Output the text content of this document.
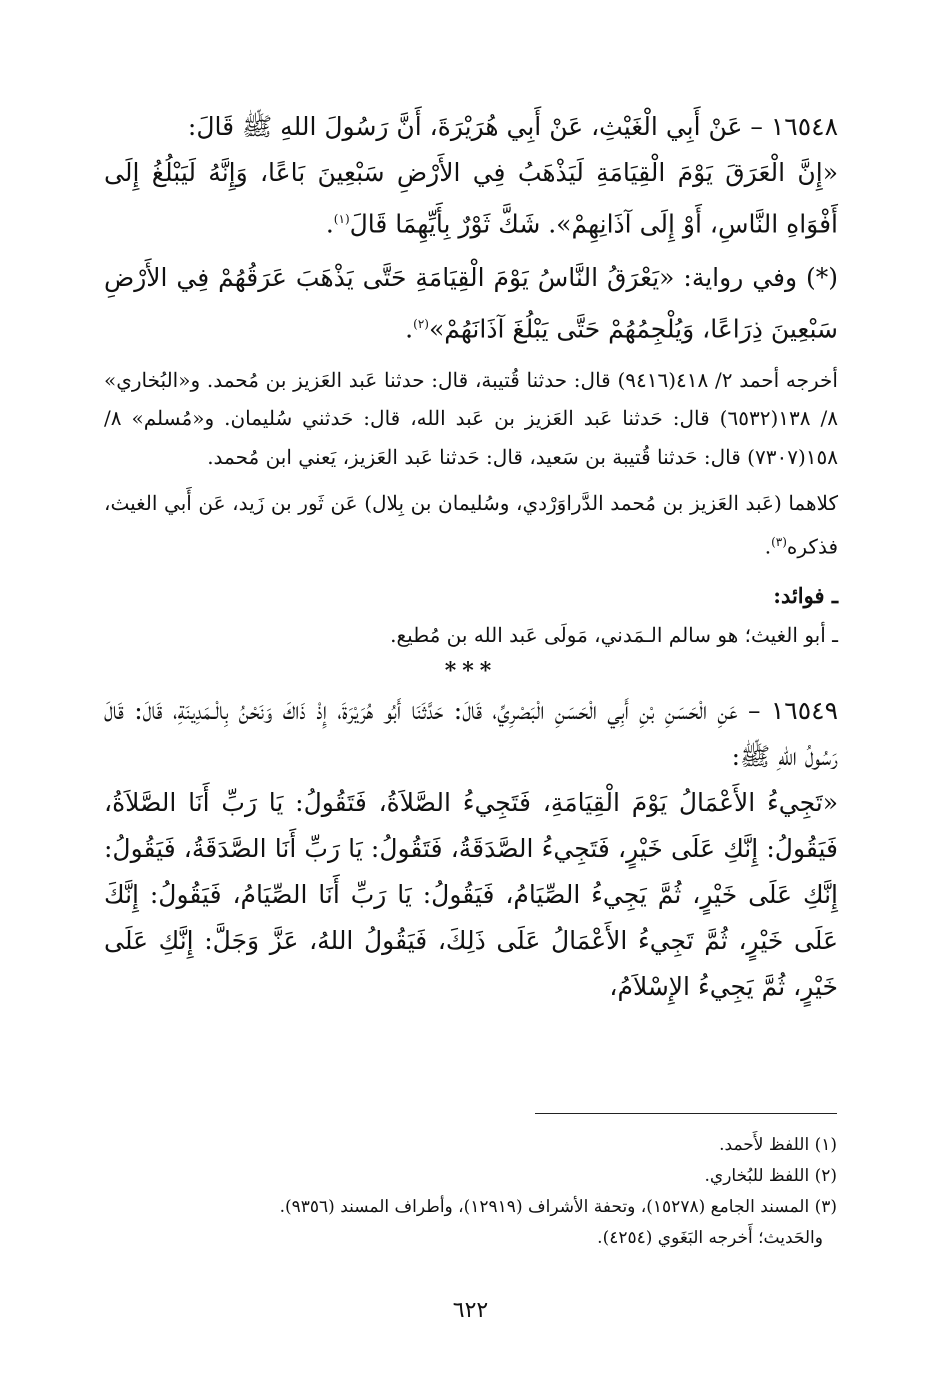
١٦٥٤٨ – عَنْ أَبِي الْغَيْثِ، عَنْ أَبِي هُرَيْرَةَ، أَنَّ رَسُولَ اللهِ ﷺ قَالَ:

«إِنَّ الْعَرَقَ يَوْمَ الْقِيَامَةِ لَيَذْهَبُ فِي الأَرْضِ سَبْعِينَ بَاعًا، وَإِنَّهُ لَيَبْلُغُ إِلَى أَفْوَاهِ النَّاسِ، أَوْ إِلَى آذَانِهِمْ». شَكَّ ثَوْرٌ بِأَيِّهِمَا قَالَ$^{(١)}$.

(*) وفي رواية: «يَعْرَقُ النَّاسُ يَوْمَ الْقِيَامَةِ حَتَّى يَذْهَبَ عَرَقُهُمْ فِي الأَرْضِ سَبْعِينَ ذِرَاعًا، وَيُلْجِمُهُمْ حَتَّى يَبْلُغَ آذَانَهُمْ»$^{(٢)}$.

أخرجه أحمد ٢/ ٤١٨(٩٤١٦) قال: حدثنا قُتيبة، قال: حدثنا عَبد العَزيز بن مُحمد. و«البُخاري» ٨/ ١٣٨(٦٥٣٢) قال: حَدثنا عَبد العَزيز بن عَبد الله، قال: حَدثني سُليمان. و«مُسلم» ٨/ ١٥٨(٧٣٠٧) قال: حَدثنا قُتيبة بن سَعيد، قال: حَدثنا عَبد العَزيز، يَعني ابن مُحمد.

كلاهما (عَبد العَزيز بن مُحمد الدَّراوَرْدي، وسُليمان بن بِلال) عَن ثَور بن زَيد، عَن أَبي الغيث، فذكره$^{(٣)}$.

ـ فوائد:
ـ أبو الغيث؛ هو سالم الـمَدني، مَولَى عَبد الله بن مُطيع.
***

١٦٥٤٩ – عَنِ الْحَسَنِ بْنِ أَبِي الْحَسَنِ الْبَصْرِيِّ، قَالَ: حَدَّثَنَا أَبُو هُرَيْرَةَ، إِذْ ذَاكَ وَنَحْنُ بِالْـمَدِينَةِ، قَالَ: قَالَ رَسُولُ اللهِ ﷺ:

«تَجِيءُ الأَعْمَالُ يَوْمَ الْقِيَامَةِ، فَتَجِيءُ الصَّلاَةُ، فَتَقُولُ: يَا رَبِّ أَنَا الصَّلاَةُ، فَيَقُولُ: إِنَّكِ عَلَى خَيْرٍ، فَتَجِيءُ الصَّدَقَةُ، فَتَقُولُ: يَا رَبِّ أَنَا الصَّدَقَةُ، فَيَقُولُ: إِنَّكِ عَلَى خَيْرٍ، ثُمَّ يَجِيءُ الصِّيَامُ، فَيَقُولُ: يَا رَبِّ أَنَا الصِّيَامُ، فَيَقُولُ: إِنَّكَ عَلَى خَيْرٍ، ثُمَّ تَجِيءُ الأَعْمَالُ عَلَى ذَلِكَ، فَيَقُولُ اللهُ، عَزَّ وَجَلَّ: إِنَّكِ عَلَى خَيْرٍ، ثُمَّ يَجِيءُ الإِسْلاَمُ،

(١) اللفظ لأَحمد.
(٢) اللفظ للبُخاري.
(٣) المسند الجامع (١٥٢٧٨)، وتحفة الأشراف (١٢٩١٩)، وأطراف المسند (٩٣٥٦).
والحَديث؛ أَخرجه البَغَوي (٤٢٥٤).
٦٢٢
